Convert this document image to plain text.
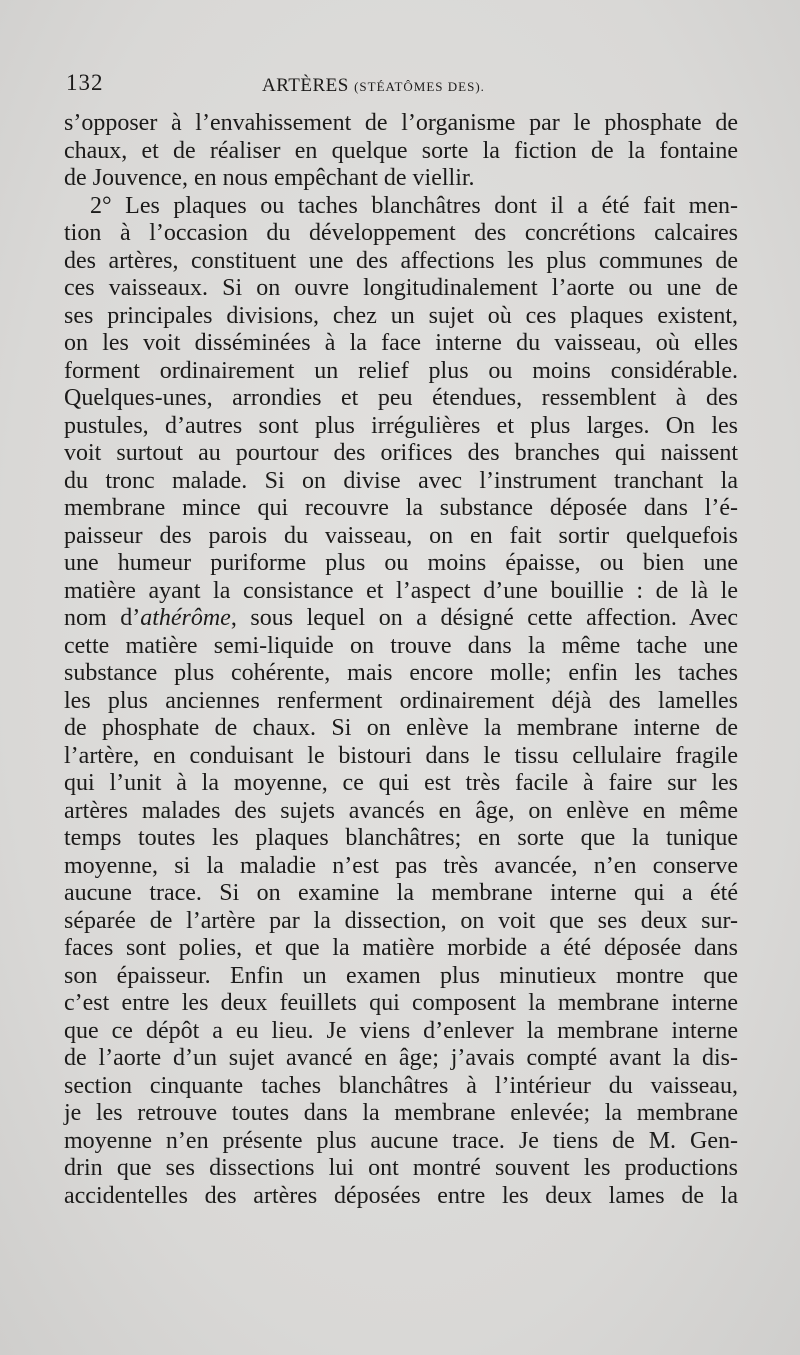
132	ARTÈRES (STÉATÔMES DES).
s’opposer à l’envahissement de l’organisme par le phosphate de
chaux, et de réaliser en quelque sorte la fiction de la fontaine
de Jouvence, en nous empêchant de viellir.
2° Les plaques ou taches blanchâtres dont il a été fait men-
tion à l’occasion du développement des concrétions calcaires
des artères, constituent une des affections les plus communes de
ces vaisseaux. Si on ouvre longitudinalement l’aorte ou une de
ses principales divisions, chez un sujet où ces plaques existent,
on les voit disséminées à la face interne du vaisseau, où elles
forment ordinairement un relief plus ou moins considérable.
Quelques-unes, arrondies et peu étendues, ressemblent à des
pustules, d’autres sont plus irrégulières et plus larges. On les
voit surtout au pourtour des orifices des branches qui naissent
du tronc malade. Si on divise avec l’instrument tranchant la
membrane mince qui recouvre la substance déposée dans l’é-
paisseur des parois du vaisseau, on en fait sortir quelquefois
une humeur puriforme plus ou moins épaisse, ou bien une
matière ayant la consistance et l’aspect d’une bouillie : de là le
nom d’athérôme, sous lequel on a désigné cette affection. Avec
cette matière semi-liquide on trouve dans la même tache une
substance plus cohérente, mais encore molle; enfin les taches
les plus anciennes renferment ordinairement déjà des lamelles
de phosphate de chaux. Si on enlève la membrane interne de
l’artère, en conduisant le bistouri dans le tissu cellulaire fragile
qui l’unit à la moyenne, ce qui est très facile à faire sur les
artères malades des sujets avancés en âge, on enlève en même
temps toutes les plaques blanchâtres; en sorte que la tunique
moyenne, si la maladie n’est pas très avancée, n’en conserve
aucune trace. Si on examine la membrane interne qui a été
séparée de l’artère par la dissection, on voit que ses deux sur-
faces sont polies, et que la matière morbide a été déposée dans
son épaisseur. Enfin un examen plus minutieux montre que
c’est entre les deux feuillets qui composent la membrane interne
que ce dépôt a eu lieu. Je viens d’enlever la membrane interne
de l’aorte d’un sujet avancé en âge; j’avais compté avant la dis-
section cinquante taches blanchâtres à l’intérieur du vaisseau,
je les retrouve toutes dans la membrane enlevée; la membrane
moyenne n’en présente plus aucune trace. Je tiens de M. Gen-
drin que ses dissections lui ont montré souvent les productions
accidentelles des artères déposées entre les deux lames de la
